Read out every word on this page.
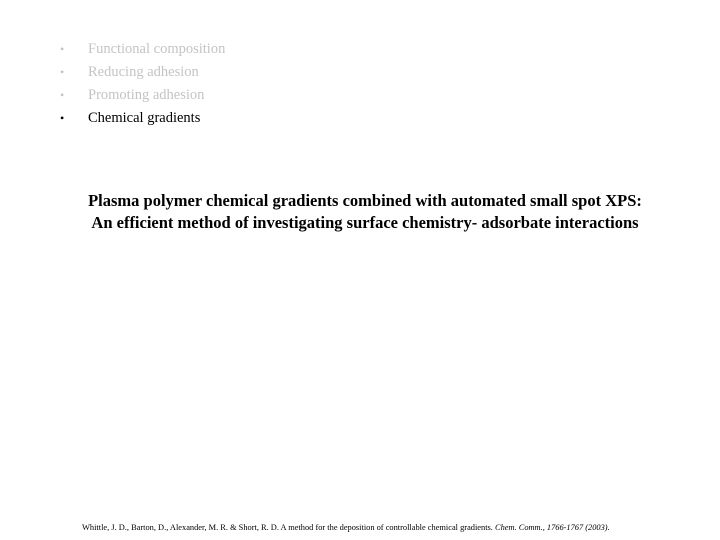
• Functional composition
• Reducing adhesion
• Promoting adhesion
• Chemical gradients
Plasma polymer chemical gradients combined with automated small spot XPS:
An efficient method of investigating surface chemistry- adsorbate interactions
Whittle, J. D., Barton, D., Alexander, M. R. & Short, R. D. A method for the deposition of controllable chemical gradients. Chem. Comm., 1766-1767 (2003).
